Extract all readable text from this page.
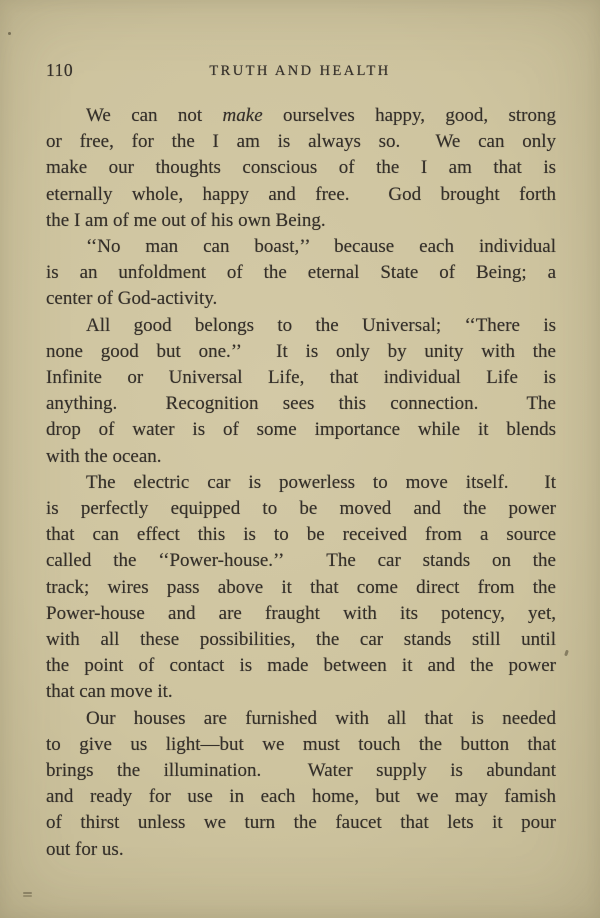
110	TRUTH AND HEALTH
We can not make ourselves happy, good, strong
or free, for the I am is always so.  We can only
make our thoughts conscious of the I am that is
eternally whole, happy and free.  God brought forth
the I am of me out of his own Being.
‘‘No man can boast,’’ because each individual
is an unfoldment of the eternal State of Being; a
center of God-activity.
All good belongs to the Universal; ‘‘There is
none good but one.’’  It is only by unity with the
Infinite or Universal Life, that individual Life is
anything.  Recognition sees this connection.  The
drop of water is of some importance while it blends
with the ocean.
The electric car is powerless to move itself.  It
is perfectly equipped to be moved and the power
that can effect this is to be received from a source
called the ‘‘Power-house.’’  The car stands on the
track; wires pass above it that come direct from the
Power-house and are fraught with its potency, yet,
with all these possibilities, the car stands still until
the point of contact is made between it and the power
that can move it.
Our houses are furnished with all that is needed
to give us light—but we must touch the button that
brings the illumination.  Water supply is abundant
and ready for use in each home, but we may famish
of thirst unless we turn the faucet that lets it pour
out for us.
